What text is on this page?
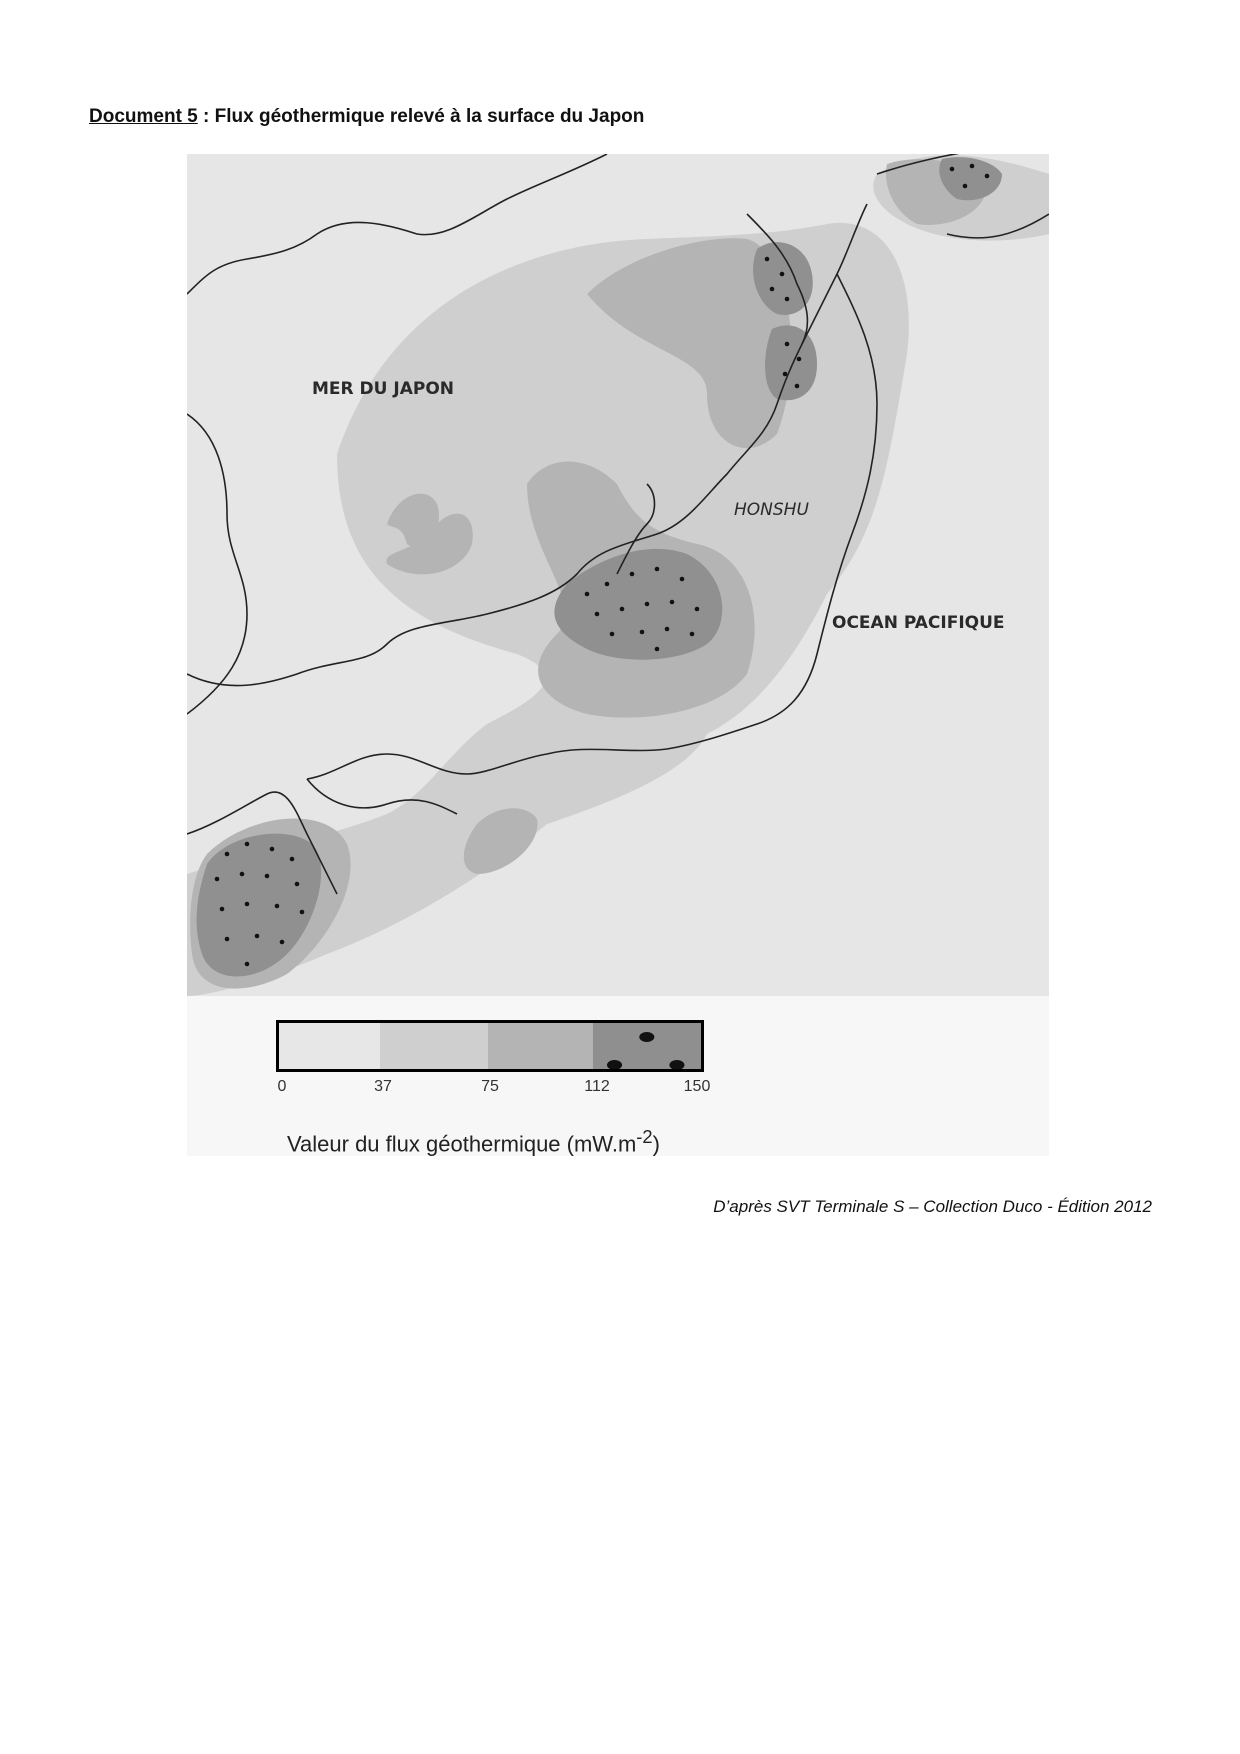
Document 5 : Flux géothermique relevé à la surface du Japon
MER DU JAPON
HONSHU
OCEAN PACIFIQUE
0	37	75	112	150
Valeur du flux géothermique $(mW.m^{-2})$
D’après SVT Terminale S – Collection Duco - Édition 2012
